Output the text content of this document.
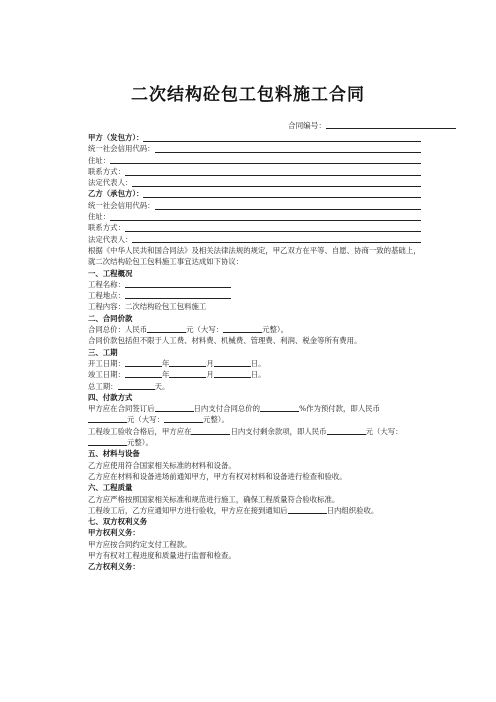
二次结构砼包工包料施工合同
合同编号：
甲方（发包方）：
统一社会信用代码：
住址：
联系方式：
法定代表人：
乙方（承包方）：
统一社会信用代码：
住址：
联系方式：
法定代表人：
根据《中华人民共和国合同法》及相关法律法规的规定，甲乙双方在平等、自愿、协商一致的基础上，就二次结构砼包工包料施工事宜达成如下协议：
一、工程概况
工程名称：
工程地点：
工程内容：二次结构砼包工包料施工
二、合同价款
合同总价：人民币	元（大写：	元整）。
合同价款包括但不限于人工费、材料费、机械费、管理费、利润、税金等所有费用。
三、工期
开工日期：	年	月	日。
竣工日期：	年	月	日。
总工期：	天。
四、付款方式
甲方应在合同签订后	日内支付合同总价的	%作为预付款，即人民币
元（大写：	元整）。
工程竣工验收合格后，甲方应在	日内支付剩余款项，即人民币	元（大写：
元整）。
五、材料与设备
乙方应使用符合国家相关标准的材料和设备。
乙方应在材料和设备进场前通知甲方，甲方有权对材料和设备进行检查和验收。
六、工程质量
乙方应严格按照国家相关标准和规范进行施工，确保工程质量符合验收标准。
工程竣工后，乙方应通知甲方进行验收，甲方应在接到通知后	日内组织验收。
七、双方权利义务
甲方权利义务：
甲方应按合同约定支付工程款。
甲方有权对工程进度和质量进行监督和检查。
乙方权利义务：
